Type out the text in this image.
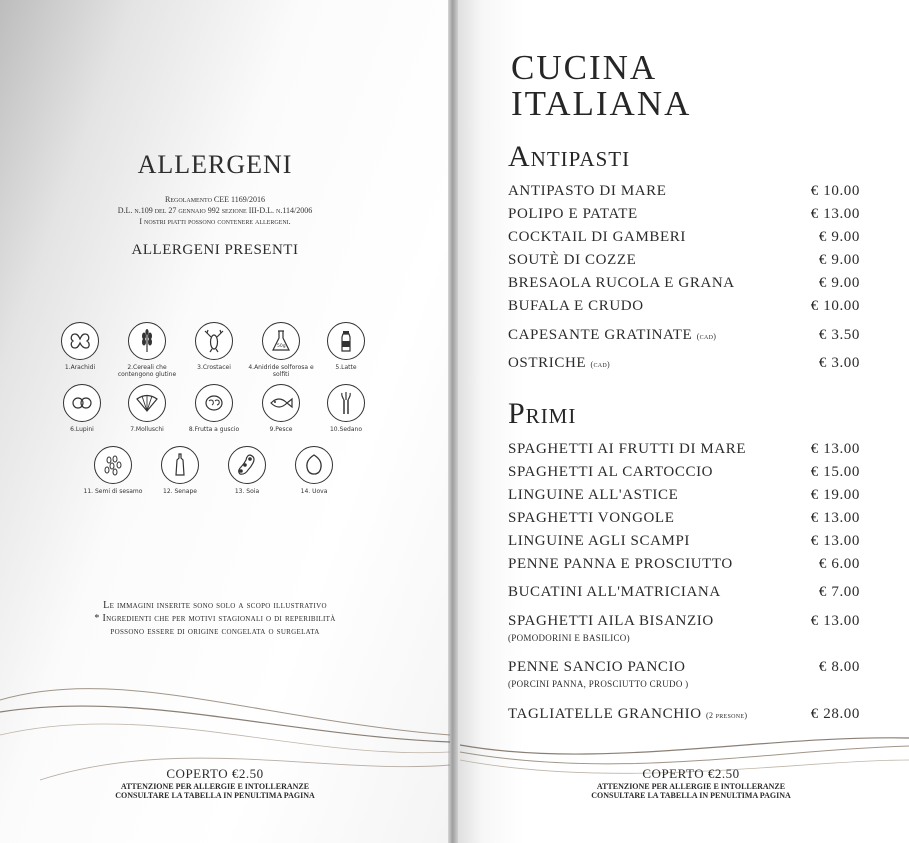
ALLERGENI
Regolamento CEE 1169/2016
D.L. n.109 del 27 gennaio 992 sezione III-D.L. n.114/2006
I nostri piatti possono contenere allergeni.
ALLERGENI PRESENTI
1.Arachidi	2.Cereali che contengono glutine
3.Crostacei
50g
4.Anidride solforosa e solfiti
5.Latte
6.Lupini	7.Molluschi	8.Frutta a guscio	9.Pesce	10.Sedano
11. Semi di sesamo	12. Senape	13. Soia	14. Uova
Le immagini inserite sono solo a scopo illustrativo
* Ingredienti che per motivi stagionali o di reperibilità
possono essere di origine congelata o surgelata
COPERTO €2.50
ATTENZIONE PER ALLERGIE E INTOLLERANZE
CONSULTARE LA TABELLA IN PENULTIMA PAGINA
CUCINA
ITALIANA
Antipasti
ANTIPASTO DI MARE	€ 10.00
POLIPO E PATATE	€ 13.00
COCKTAIL DI GAMBERI	€ 9.00
SOUTÈ DI COZZE	€ 9.00
BRESAOLA RUCOLA E GRANA	€ 9.00
BUFALA E CRUDO	€ 10.00
CAPESANTE GRATINATE (cad)	€ 3.50
OSTRICHE (cad)	€ 3.00
Primi
SPAGHETTI AI FRUTTI DI MARE	€ 13.00
SPAGHETTI AL CARTOCCIO	€ 15.00
LINGUINE ALL'ASTICE	€ 19.00
SPAGHETTI VONGOLE	€ 13.00
LINGUINE AGLI SCAMPI	€ 13.00
PENNE PANNA E PROSCIUTTO	€ 6.00
BUCATINI ALL'MATRICIANA	€ 7.00
SPAGHETTI AILA BISANZIO	€ 13.00
(POMODORINI E BASILICO)
PENNE SANCIO PANCIO	€ 8.00
(PORCINI PANNA, PROSCIUTTO CRUDO )
TAGLIATELLE GRANCHIO (2 presone)	€ 28.00
COPERTO €2.50
ATTENZIONE PER ALLERGIE E INTOLLERANZE
CONSULTARE LA TABELLA IN PENULTIMA PAGINA
